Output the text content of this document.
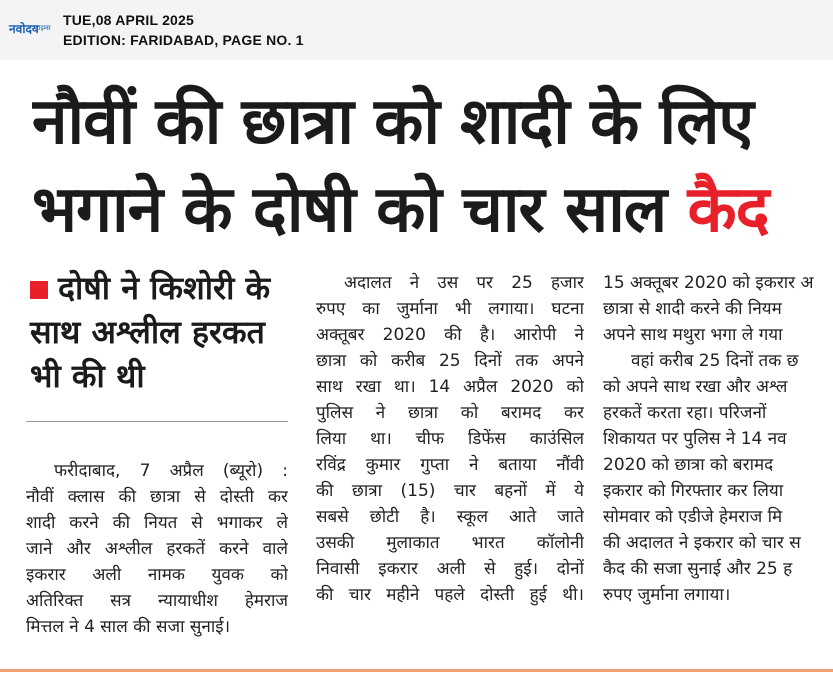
नवोदय
टाइम्स
TUE,08 APRIL 2025
EDITION: FARIDABAD, PAGE NO. 1
नौवीं की छात्रा को शादी के लिए
भगाने के दोषी को चार साल कैद
दोषी ने किशोरी के साथ अश्लील हरकत भी की थी
फरीदाबाद, 7 अप्रैल (ब्यूरो) :
नौवीं क्लास की छात्रा से दोस्ती कर
शादी करने की नियत से भगाकर ले
जाने और अश्लील हरकतें करने वाले
इकरार अली नामक युवक को
अतिरिक्त सत्र न्यायाधीश हेमराज
मित्तल ने 4 साल की सजा सुनाई।
अदालत ने उस पर 25 हजार
रुपए का जुर्माना भी लगाया। घटना
अक्तूबर 2020 की है। आरोपी ने
छात्रा को करीब 25 दिनों तक अपने
साथ रखा था। 14 अप्रैल 2020 को
पुलिस ने छात्रा को बरामद कर
लिया था। चीफ डिफेंस काउंसिल
रविंद्र कुमार गुप्ता ने बताया नौंवी
की छात्रा (15) चार बहनों में ये
सबसे छोटी है। स्कूल आते जाते
उसकी मुलाकात भारत कॉलोनी
निवासी इकरार अली से हुई। दोनों
की चार महीने पहले दोस्ती हुई थी।
15 अक्तूबर 2020 को इकरार अ
छात्रा से शादी करने की नियम
अपने साथ मथुरा भगा ले गया
वहां करीब 25 दिनों तक छ
को अपने साथ रखा और अश्ल
हरकतें करता रहा। परिजनों
शिकायत पर पुलिस ने 14 नव
2020 को छात्रा को बरामद
इकरार को गिरफ्तार कर लिया
सोमवार को एडीजे हेमराज मि
की अदालत ने इकरार को चार स
कैद की सजा सुनाई और 25 ह
रुपए जुर्माना लगाया।
